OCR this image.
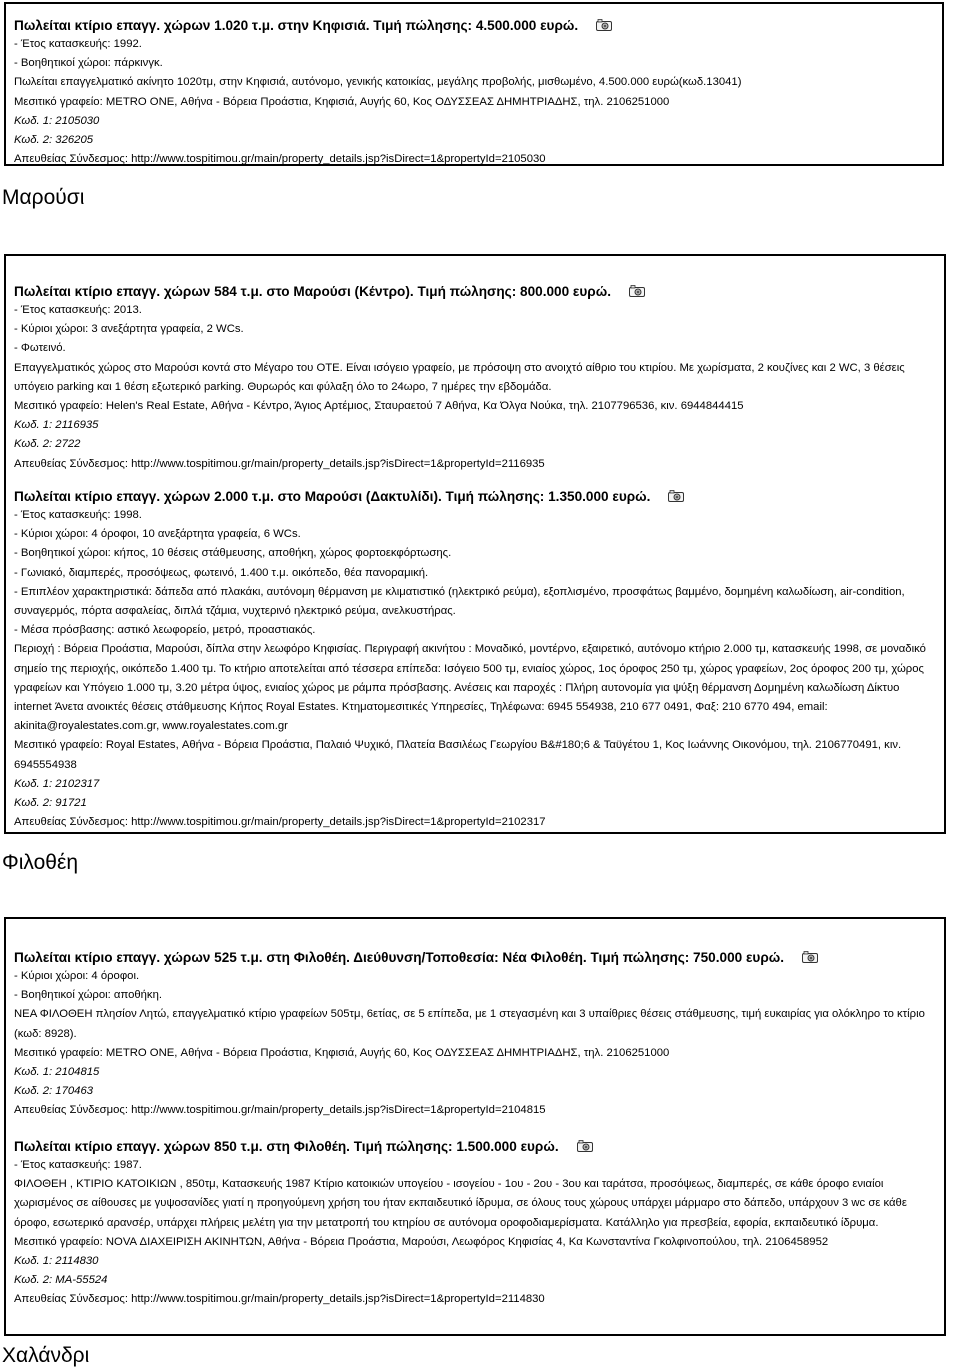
Πωλείται κτίριο επαγγ. χώρων 1.020 τ.μ. στην Κηφισιά. Τιμή πώλησης: 4.500.000 ευρώ.
- Έτος κατασκευής: 1992.
- Βοηθητικοί χώροι: πάρκινγκ.
Πωλείται επαγγελματικό ακίνητο 1020τμ, στην Κηφισιά, αυτόνομο, γενικής κατοικίας, μεγάλης προβολής, μισθωμένο, 4.500.000 ευρώ(κωδ.13041)
Μεσιτικό γραφείο: METRO ONE, Αθήνα - Βόρεια Προάστια, Κηφισιά, Αυγής 60, Κος ΟΔΥΣΣΕΑΣ ΔΗΜΗΤΡΙΑΔΗΣ, τηλ. 2106251000
Κωδ. 1: 2105030
Κωδ. 2: 326205
Απευθείας Σύνδεσμος: http://www.tospitimou.gr/main/property_details.jsp?isDirect=1&propertyId=2105030
Μαρούσι
Πωλείται κτίριο επαγγ. χώρων 584 τ.μ. στο Μαρούσι (Κέντρο). Τιμή πώλησης: 800.000 ευρώ.
- Έτος κατασκευής: 2013.
- Κύριοι χώροι: 3 ανεξάρτητα γραφεία, 2 WCs.
- Φωτεινό.
Επαγγελματικός χώρος στο Μαρούσι κοντά στο Μέγαρο του ΟΤΕ. Είναι ισόγειο γραφείο, με πρόσοψη στο ανοιχτό αίθριο του κτιρίου. Με χωρίσματα, 2 κουζίνες και 2 WC, 3 θέσεις υπόγειο parking και 1 θέση εξωτερικό parking. Θυρωρός και φύλαξη όλο το 24ωρο, 7 ημέρες την εβδομάδα.
Μεσιτικό γραφείο: Helen's Real Estate, Αθήνα - Κέντρο, Άγιος Αρτέμιος, Σταυραετού 7 Αθήνα, Κα Όλγα Νούκα, τηλ. 2107796536, κιν. 6944844415
Κωδ. 1: 2116935
Κωδ. 2: 2722
Απευθείας Σύνδεσμος: http://www.tospitimou.gr/main/property_details.jsp?isDirect=1&propertyId=2116935
Πωλείται κτίριο επαγγ. χώρων 2.000 τ.μ. στο Μαρούσι (Δακτυλίδι). Τιμή πώλησης: 1.350.000 ευρώ.
- Έτος κατασκευής: 1998.
- Κύριοι χώροι: 4 όροφοι, 10 ανεξάρτητα γραφεία, 6 WCs.
- Βοηθητικοί χώροι: κήπος, 10 θέσεις στάθμευσης, αποθήκη, χώρος φορτοεκφόρτωσης.
- Γωνιακό, διαμπερές, προσόψεως, φωτεινό, 1.400 τ.μ. οικόπεδο, θέα πανοραμική.
- Επιπλέον χαρακτηριστικά: δάπεδα από πλακάκι, αυτόνομη θέρμανση με κλιματιστικό (ηλεκτρικό ρεύμα), εξοπλισμένο, προσφάτως βαμμένο, δομημένη καλωδίωση, air-condition, συναγερμός, πόρτα ασφαλείας, διπλά τζάμια, νυχτερινό ηλεκτρικό ρεύμα, ανελκυστήρας.
- Μέσα πρόσβασης: αστικό λεωφορείο, μετρό, προαστιακός.
Περιοχή : Βόρεια Προάστια, Μαρούσι, δίπλα στην λεωφόρο Κηφισίας. Περιγραφή ακινήτου : Μοναδικό, μοντέρνο, εξαιρετικό, αυτόνομο κτήριο 2.000 τμ, κατασκευής 1998, σε μοναδικό σημείο της περιοχής, οικόπεδο 1.400 τμ. Το κτήριο αποτελείται από τέσσερα επίπεδα: Ισόγειο 500 τμ, ενιαίος χώρος, 1ος όροφος 250 τμ, χώρος γραφείων, 2ος όροφος 200 τμ, χώρος γραφείων και Υπόγειο 1.000 τμ, 3.20 μέτρα ύψος, ενιαίος χώρος με ράμπα πρόσβασης. Ανέσεις και παροχές : Πλήρη αυτονομία για ψύξη θέρμανση Δομημένη καλωδίωση Δίκτυο internet Άνετα ανοικτές θέσεις στάθμευσης Κήπος Royal Estates. Κτηματομεσιτικές Υπηρεσίες, Τηλέφωνα: 6945 554938, 210 677 0491, Φαξ: 210 6770 494, email: akinita@royalestates.com.gr, www.royalestates.com.gr
Μεσιτικό γραφείο: Royal Estates, Αθήνα - Βόρεια Προάστια, Παλαιό Ψυχικό, Πλατεία Βασιλέως Γεωργίου B&#180;6 & Ταϋγέτου 1, Κος Ιωάννης Οικονόμου, τηλ. 2106770491, κιν. 6945554938
Κωδ. 1: 2102317
Κωδ. 2: 91721
Απευθείας Σύνδεσμος: http://www.tospitimou.gr/main/property_details.jsp?isDirect=1&propertyId=2102317
Φιλοθέη
Πωλείται κτίριο επαγγ. χώρων 525 τ.μ. στη Φιλοθέη. Διεύθυνση/Τοποθεσία: Νέα Φιλοθέη. Τιμή πώλησης: 750.000 ευρώ.
- Κύριοι χώροι: 4 όροφοι.
- Βοηθητικοί χώροι: αποθήκη.
ΝΕΑ ΦΙΛΟΘΕΗ πλησίον Λητώ, επαγγελματικό κτίριο γραφείων 505τμ, 6ετίας, σε 5 επίπεδα, με 1 στεγασμένη και 3 υπαίθριες θέσεις στάθμευσης, τιμή ευκαιρίας για ολόκληρο το κτίριο (κωδ: 8928).
Μεσιτικό γραφείο: METRO ONE, Αθήνα - Βόρεια Προάστια, Κηφισιά, Αυγής 60, Κος ΟΔΥΣΣΕΑΣ ΔΗΜΗΤΡΙΑΔΗΣ, τηλ. 2106251000
Κωδ. 1: 2104815
Κωδ. 2: 170463
Απευθείας Σύνδεσμος: http://www.tospitimou.gr/main/property_details.jsp?isDirect=1&propertyId=2104815
Πωλείται κτίριο επαγγ. χώρων 850 τ.μ. στη Φιλοθέη. Τιμή πώλησης: 1.500.000 ευρώ.
- Έτος κατασκευής: 1987.
ΦΙΛΟΘΕΗ , ΚΤΙΡΙΟ ΚΑΤΟΙΚΙΩΝ , 850τμ, Κατασκευής 1987 Κτίριο κατοικιών υπογείου - ισογείου - 1ου - 2ου - 3ου και ταράτσα, προσόψεως, διαμπερές, σε κάθε όροφο ενιαίοι χωρισμένος σε αίθουσες με γυψοσανίδες γιατί η προηγούμενη χρήση του ήταν εκπαιδευτικό ίδρυμα, σε όλους τους χώρους υπάρχει μάρμαρο στο δάπεδο, υπάρχουν 3 wc σε κάθε όροφο, εσωτερικό αρανσέρ, υπάρχει πλήρεις μελέτη για την μετατροπή του κτηρίου σε αυτόνομα οροφοδιαμερίσματα. Κατάλληλο για πρεσβεία, εφορία, εκπαιδευτικό ίδρυμα.
Μεσιτικό γραφείο: NOVA ΔΙΑΧΕΙΡΙΣΗ ΑΚΙΝΗΤΩΝ, Αθήνα - Βόρεια Προάστια, Μαρούσι, Λεωφόρος Κηφισίας 4, Κα Κωνσταντίνα Γκολφινοπούλου, τηλ. 2106458952
Κωδ. 1: 2114830
Κωδ. 2: MA-55524
Απευθείας Σύνδεσμος: http://www.tospitimou.gr/main/property_details.jsp?isDirect=1&propertyId=2114830
Χαλάνδρι
